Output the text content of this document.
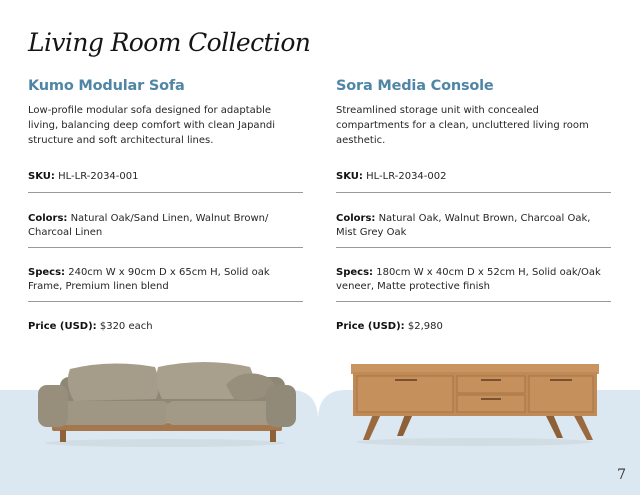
Living Room Collection
Kumo Modular Sofa

Low-profile modular sofa designed for adaptable living, balancing deep comfort with clean Japandi structure and soft architectural lines.

SKU: HL-LR-2034-001
Colors: Natural Oak/Sand Linen, Walnut Brown/ Charcoal Linen
Specs: 240cm W x 90cm D x 65cm H, Solid oak Frame, Premium linen blend
Price (USD): $320 each
Sora Media Console

Streamlined storage unit with concealed compartments for a clean, uncluttered living room aesthetic.

SKU: HL-LR-2034-002
Colors: Natural Oak, Walnut Brown, Charcoal Oak, Mist Grey Oak
Specs: 180cm W x 40cm D x 52cm H, Solid oak/Oak veneer, Matte protective finish
Price (USD): $2,980
7
